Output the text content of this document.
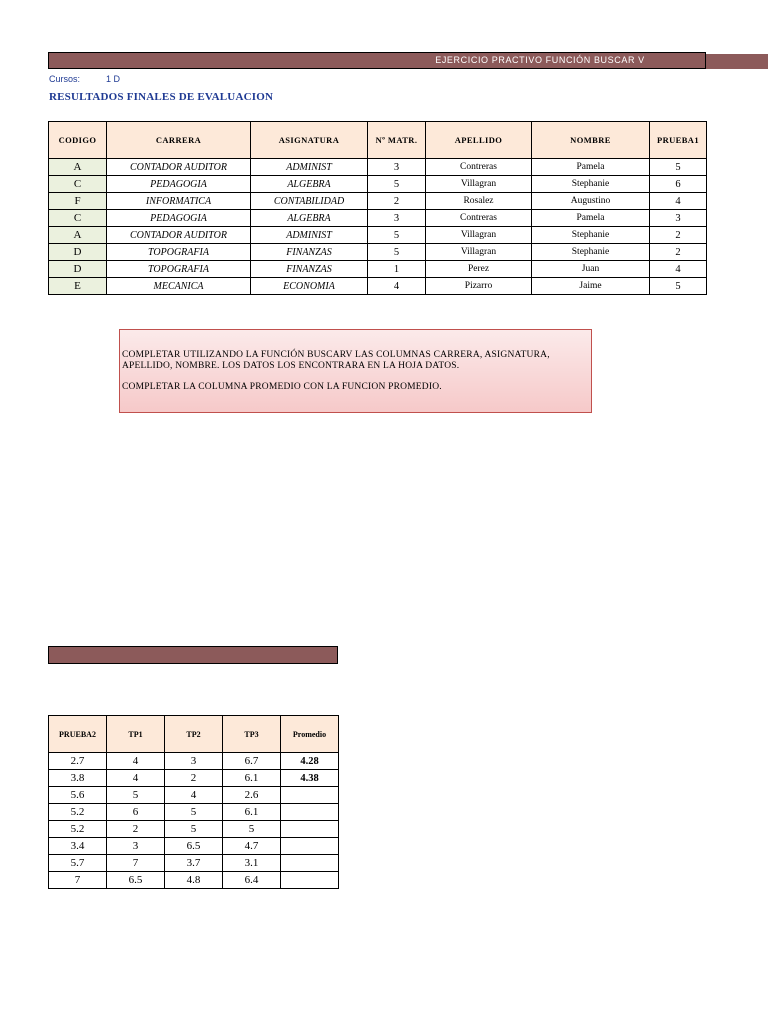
EJERCICIO PRACTIVO FUNCIÓN BUSCAR V
Cursos:	1 D
RESULTADOS FINALES DE EVALUACION
CODIGO	CARRERA	ASIGNATURA	Nº MATR.	APELLIDO	NOMBRE	PRUEBA1
A	CONTADOR AUDITOR	ADMINIST	3	Contreras	Pamela	5
C	PEDAGOGIA	ALGEBRA	5	Villagran	Stephanie	6
F	INFORMATICA	CONTABILIDAD	2	Rosalez	Augustino	4
C	PEDAGOGIA	ALGEBRA	3	Contreras	Pamela	3
A	CONTADOR AUDITOR	ADMINIST	5	Villagran	Stephanie	2
D	TOPOGRAFIA	FINANZAS	5	Villagran	Stephanie	2
D	TOPOGRAFIA	FINANZAS	1	Perez	Juan	4
E	MECANICA	ECONOMIA	4	Pizarro	Jaime	5
COMPLETAR UTILIZANDO LA FUNCIÓN BUSCARV LAS COLUMNAS CARRERA, ASIGNATURA, APELLIDO, NOMBRE. LOS DATOS LOS ENCONTRARA EN LA HOJA DATOS.
COMPLETAR LA COLUMNA PROMEDIO CON LA FUNCION PROMEDIO.
PRUEBA2	TP1	TP2	TP3	Promedio
2.7	4	3	6.7	4.28
3.8	4	2	6.1	4.38
5.6	5	4	2.6	
5.2	6	5	6.1	
5.2	2	5	5	
3.4	3	6.5	4.7	
5.7	7	3.7	3.1	
7	6.5	4.8	6.4	
